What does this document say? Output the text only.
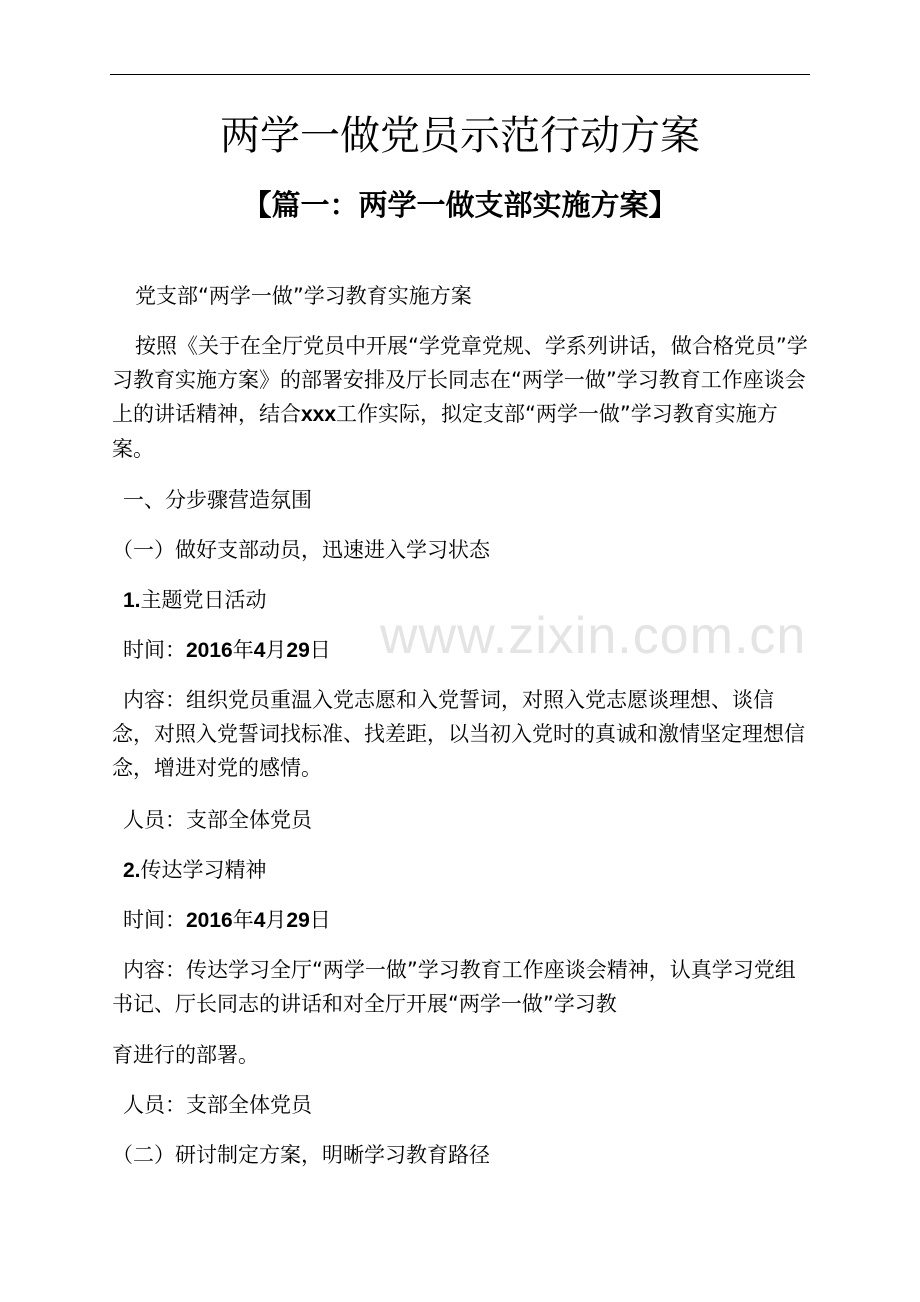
www.zixin.com.cn
两学一做党员示范行动方案
【篇一：两学一做支部实施方案】

党支部“两学一做”学习教育实施方案

按照《关于在全厅党员中开展“学党章党规、学系列讲话，做合格党员”学习教育实施方案》的部署安排及厅长同志在“两学一做”学习教育工作座谈会上的讲话精神，结合xxx工作实际，拟定支部“两学一做”学习教育实施方案。

一、分步骤营造氛围

（一）做好支部动员，迅速进入学习状态

1.主题党日活动

时间：2016年4月29日

内容：组织党员重温入党志愿和入党誓词，对照入党志愿谈理想、谈信念，对照入党誓词找标准、找差距，以当初入党时的真诚和激情坚定理想信念，增进对党的感情。

人员：支部全体党员

2.传达学习精神

时间：2016年4月29日

内容：传达学习全厅“两学一做”学习教育工作座谈会精神，认真学习党组书记、厅长同志的讲话和对全厅开展“两学一做”学习教

育进行的部署。

人员：支部全体党员

（二）研讨制定方案，明晰学习教育路径
